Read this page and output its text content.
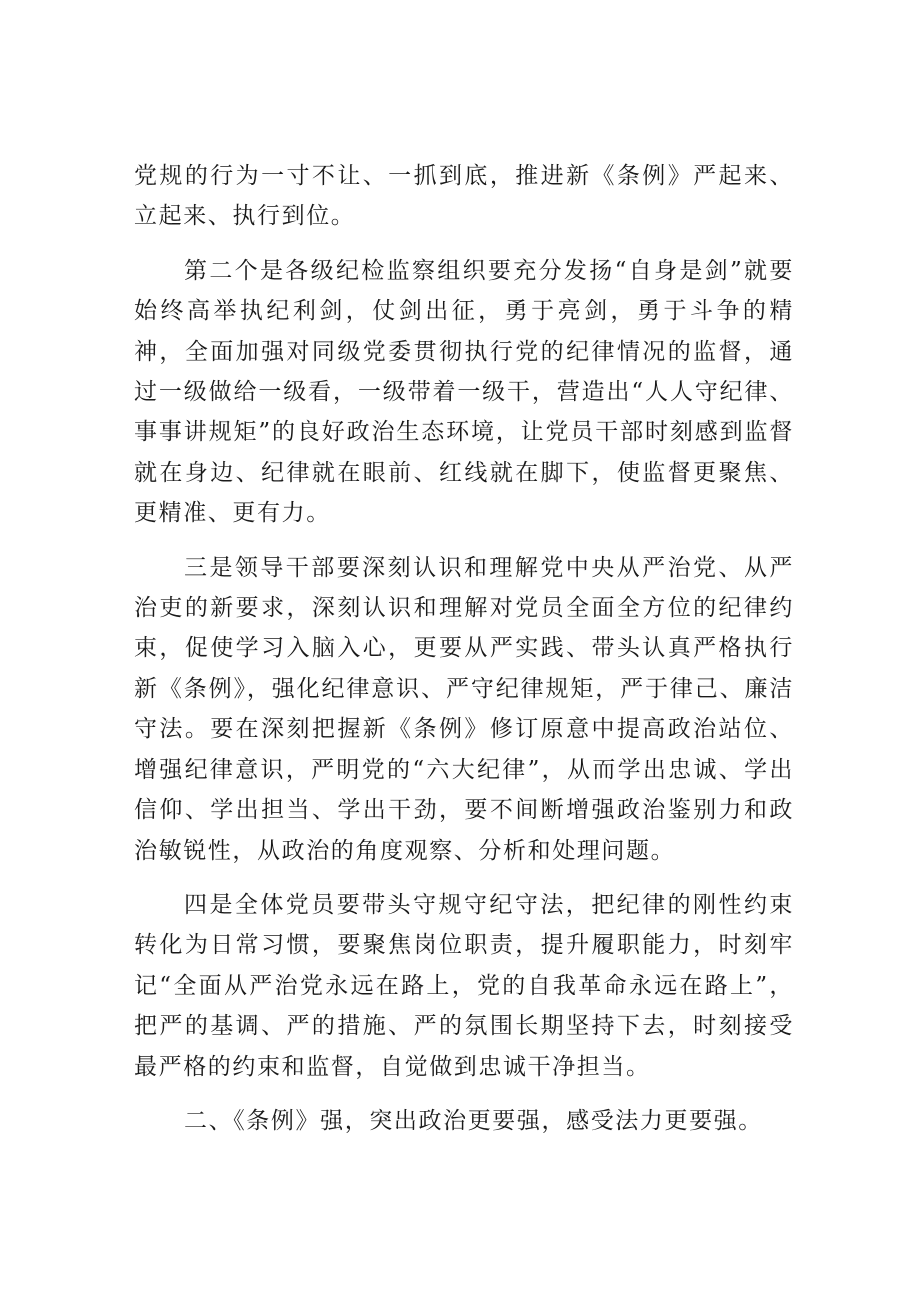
党规的行为一寸不让、一抓到底，推进新《条例》严起来、立起来、执行到位。

第二个是各级纪检监察组织要充分发扬“自身是剑”就要始终高举执纪利剑，仗剑出征，勇于亮剑，勇于斗争的精神，全面加强对同级党委贯彻执行党的纪律情况的监督，通过一级做给一级看，一级带着一级干，营造出“人人守纪律、事事讲规矩”的良好政治生态环境，让党员干部时刻感到监督就在身边、纪律就在眼前、红线就在脚下，使监督更聚焦、更精准、更有力。

三是领导干部要深刻认识和理解党中央从严治党、从严治吏的新要求，深刻认识和理解对党员全面全方位的纪律约束，促使学习入脑入心，更要从严实践、带头认真严格执行新《条例》，强化纪律意识、严守纪律规矩，严于律己、廉洁守法。要在深刻把握新《条例》修订原意中提高政治站位、增强纪律意识，严明党的“六大纪律”，从而学出忠诚、学出信仰、学出担当、学出干劲，要不间断增强政治鉴别力和政治敏锐性，从政治的角度观察、分析和处理问题。

四是全体党员要带头守规守纪守法，把纪律的刚性约束转化为日常习惯，要聚焦岗位职责，提升履职能力，时刻牢记“全面从严治党永远在路上，党的自我革命永远在路上”，把严的基调、严的措施、严的氛围长期坚持下去，时刻接受最严格的约束和监督，自觉做到忠诚干净担当。

二、《条例》强，突出政治更要强，感受法力更要强。
